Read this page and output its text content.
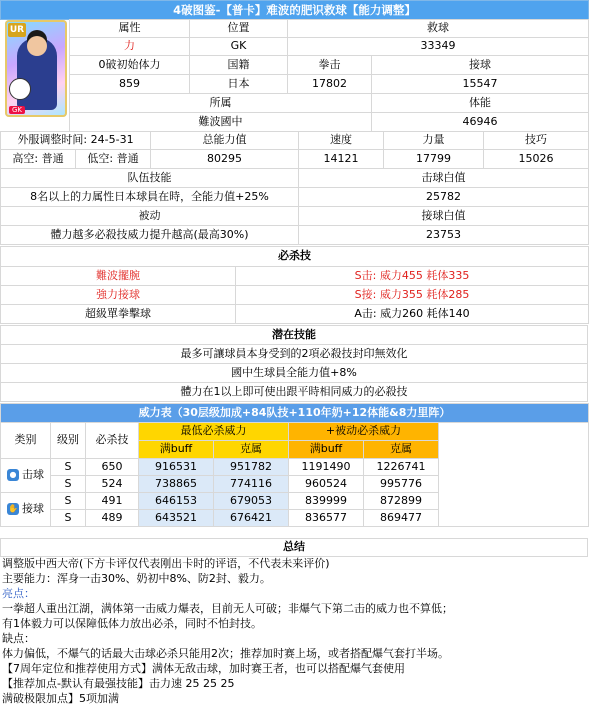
4破图鉴-【普卡】难波的肥识救球【能力调整】
UR
GK
属性	位置	救球	
力	GK	33349	
0破初始体力	国籍	拳击	接球
859	日本	17802	15547
所属			体能
難波國中			46946
外服调整时间: 24-5-31		总能力值	速度	力量	技巧
高空: 普通	低空: 普通	80295	14121	17799	15026
队伍技能			击球白值		
8名以上的力属性日本球員在時，全能力值+25%			25782		
被动			接球白值		
體力越多必殺技威力提升越高(最高30%)			23753		
必杀技	
難波擺腕	S击: 威力455 耗体335
強力接球	S接: 威力355 耗体285
超級單拳擊球	A击: 威力260 耗体140
潜在技能
最多可讓球員本身受到的2項必殺技封印無效化
國中生球員全能力值+8%
體力在1以上即可使出跟平時相同威力的必殺技
威力表（30层级加成+84队技+110年奶+12体能&8力里阵）							
类别	级别	必杀技	最低必杀威力		+被动必杀威力		
			满buff	克属	满buff	克属	
● 击球	S	650	916531	951782	1191490	1226741	
	S	524	738865	774116	960524	995776	
✋ 接球	S	491	646153	679053	839999	872899	
	S	489	643521	676421	836577	869477	
总结
调整版中西大帝(下方卡评仅代表刚出卡时的评语，不代表未来评价)
主要能力：浑身一击30%、奶初中8%、防2封、毅力。
亮点：
一拳超人重出江湖，满体第一击威力爆表，目前无人可破；非爆气下第二击的威力也不算低；
有1体毅力可以保障低体力放出必杀，同时不怕封技。
缺点：
体力偏低，不爆气的话最大击球必杀只能用2次；推荐加时赛上场，或者搭配爆气套打半场。
【7周年定位和推荐使用方式】满体无敌击球，加时赛王者，也可以搭配爆气套使用
【推荐加点-默认有最强技能】击力速 25 25 25
满破极限加点】5项加满
